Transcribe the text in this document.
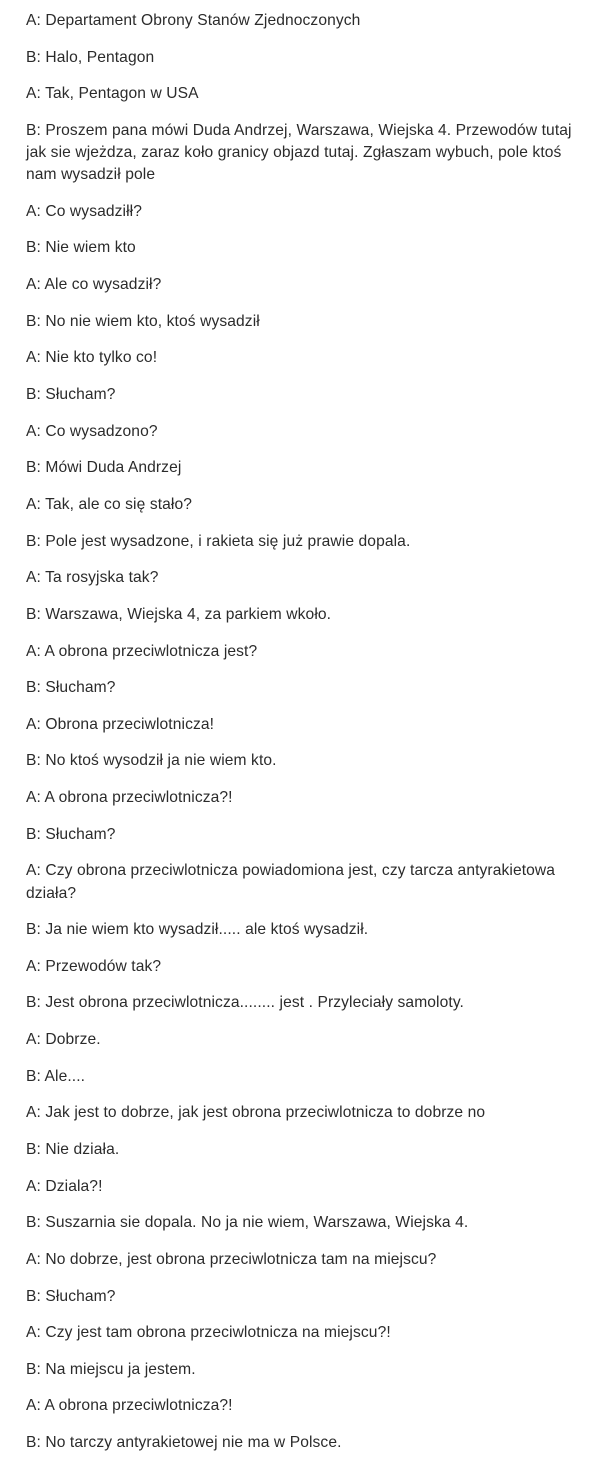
A: Departament Obrony Stanów Zjednoczonych

B: Halo, Pentagon

A: Tak, Pentagon w USA

B: Proszem pana mówi Duda Andrzej, Warszawa, Wiejska 4. Przewodów tutaj jak sie wjeżdza, zaraz koło granicy objazd tutaj. Zgłaszam wybuch, pole ktoś nam wysadził pole

A: Co wysadziłł?

B: Nie wiem kto

A: Ale co wysadził?

B: No nie wiem kto, ktoś wysadził

A: Nie kto tylko co!

B: Słucham?

A: Co wysadzono?

B: Mówi Duda Andrzej

A: Tak, ale co się stało?

B: Pole jest wysadzone, i rakieta się już prawie dopala.

A: Ta rosyjska tak?

B: Warszawa, Wiejska 4, za parkiem wkoło.

A: A obrona przeciwlotnicza jest?

B: Słucham?

A: Obrona przeciwlotnicza!

B: No ktoś wysodził ja nie wiem kto.

A: A obrona przeciwlotnicza?!

B: Słucham?

A: Czy obrona przeciwlotnicza powiadomiona jest, czy tarcza antyrakietowa działa?

B: Ja nie wiem kto wysadził..... ale ktoś wysadził.

A: Przewodów tak?

B: Jest obrona przeciwlotnicza........ jest . Przyleciały samoloty.

A: Dobrze.

B: Ale....

A: Jak jest to dobrze, jak jest obrona przeciwlotnicza to dobrze no

B: Nie działa.

A: Dziala?!

B: Suszarnia sie dopala. No ja nie wiem, Warszawa, Wiejska 4.

A: No dobrze, jest obrona przeciwlotnicza tam na miejscu?

B: Słucham?

A: Czy jest tam obrona przeciwlotnicza na miejscu?!

B: Na miejscu ja jestem.

A: A obrona przeciwlotnicza?!

B: No tarczy antyrakietowej nie ma w Polsce.
